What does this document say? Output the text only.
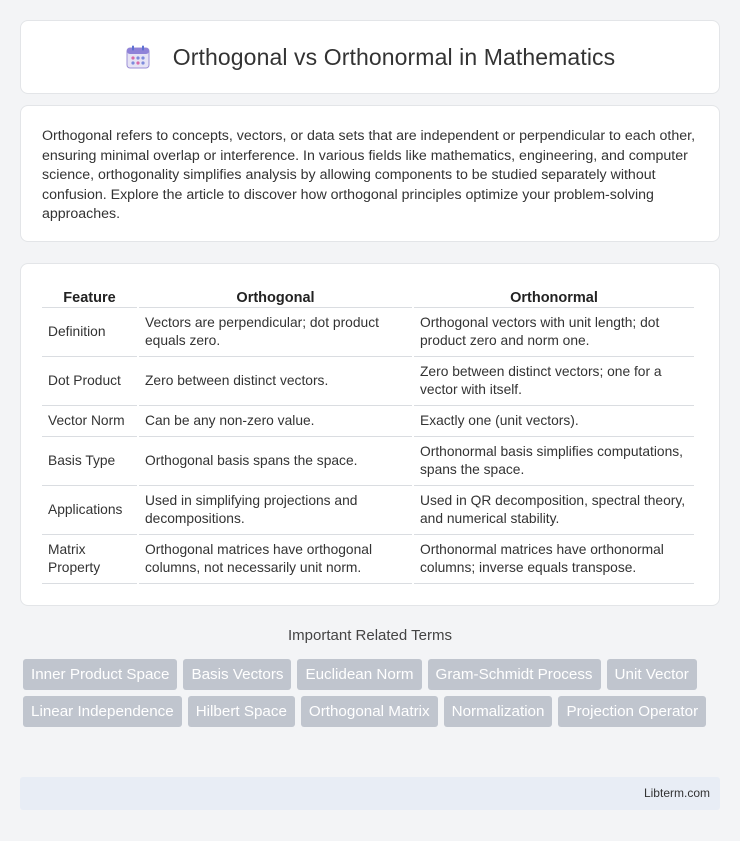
Orthogonal vs Orthonormal in Mathematics

Orthogonal refers to concepts, vectors, or data sets that are independent or perpendicular to each other, ensuring minimal overlap or interference. In various fields like mathematics, engineering, and computer science, orthogonality simplifies analysis by allowing components to be studied separately without confusion. Explore the article to discover how orthogonal principles optimize your problem-solving approaches.

Feature	Orthogonal	Orthonormal
Definition	Vectors are perpendicular; dot product equals zero.	Orthogonal vectors with unit length; dot product zero and norm one.
Dot Product	Zero between distinct vectors.	Zero between distinct vectors; one for a vector with itself.
Vector Norm	Can be any non-zero value.	Exactly one (unit vectors).
Basis Type	Orthogonal basis spans the space.	Orthonormal basis simplifies computations, spans the space.
Applications	Used in simplifying projections and decompositions.	Used in QR decomposition, spectral theory, and numerical stability.
Matrix Property	Orthogonal matrices have orthogonal columns, not necessarily unit norm.	Orthonormal matrices have orthonormal columns; inverse equals transpose.
Important Related Terms
Inner Product Space	Basis Vectors	Euclidean Norm	Gram-Schmidt Process	Unit Vector
Linear Independence	Hilbert Space	Orthogonal Matrix	Normalization	Projection Operator
Libterm.com
